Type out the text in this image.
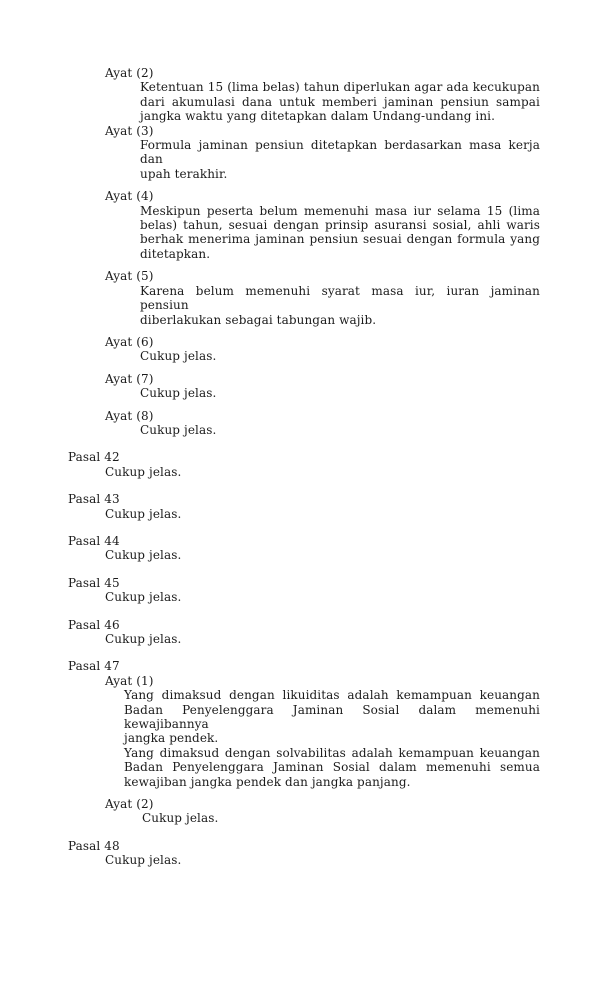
Ayat (2)
Ketentuan 15 (lima belas) tahun diperlukan agar ada kecukupan
dari akumulasi dana untuk memberi jaminan pensiun sampai
jangka waktu yang ditetapkan dalam Undang-undang ini.
Ayat (3)
Formula jaminan pensiun ditetapkan berdasarkan masa kerja dan
upah terakhir.
Ayat (4)
Meskipun peserta belum memenuhi masa iur selama 15 (lima
belas) tahun, sesuai dengan prinsip asuransi sosial, ahli waris
berhak menerima jaminan pensiun sesuai dengan formula yang
ditetapkan.
Ayat (5)
Karena belum memenuhi syarat masa iur, iuran jaminan pensiun
diberlakukan sebagai tabungan wajib.
Ayat (6)
Cukup jelas.
Ayat (7)
Cukup jelas.
Ayat (8)
Cukup jelas.
Pasal 42
Cukup jelas.
Pasal 43
Cukup jelas.
Pasal 44
Cukup jelas.
Pasal 45
Cukup jelas.
Pasal 46
Cukup jelas.
Pasal 47
Ayat (1)
Yang dimaksud dengan likuiditas adalah kemampuan keuangan
Badan Penyelenggara Jaminan Sosial dalam memenuhi kewajibannya
jangka pendek.
Yang dimaksud dengan solvabilitas adalah kemampuan keuangan
Badan Penyelenggara Jaminan Sosial dalam memenuhi semua
kewajiban jangka pendek dan jangka panjang.
Ayat (2)
Cukup jelas.
Pasal 48
Cukup jelas.
